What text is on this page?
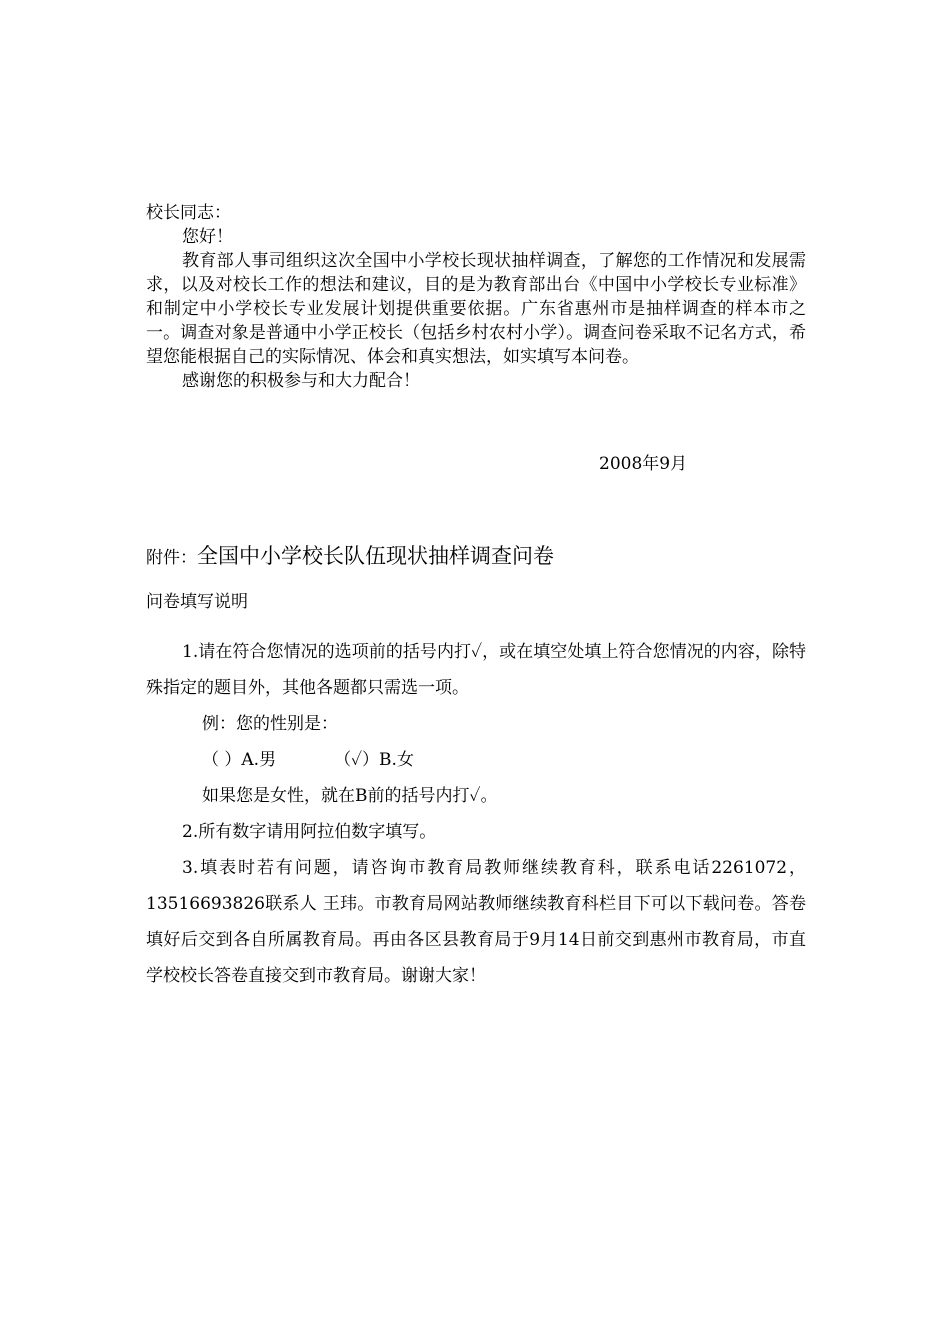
校长同志：

您好！

教育部人事司组织这次全国中小学校长现状抽样调查，了解您的工作情况和发展需求，以及对校长工作的想法和建议，目的是为教育部出台《中国中小学校长专业标准》和制定中小学校长专业发展计划提供重要依据。广东省惠州市是抽样调查的样本市之一。调查对象是普通中小学正校长（包括乡村农村小学）。调查问卷采取不记名方式，希望您能根据自己的实际情况、体会和真实想法，如实填写本问卷。

感谢您的积极参与和大力配合！

2008年9月
附件：全国中小学校长队伍现状抽样调查问卷
问卷填写说明

1.请在符合您情况的选项前的括号内打✓，或在填空处填上符合您情况的内容，除特殊指定的题目外，其他各题都只需选一项。

例：您的性别是：

（ ）A.男	（✓）B.女

如果您是女性，就在B前的括号内打✓。

2.所有数字请用阿拉伯数字填写。

3.填表时若有问题，请咨询市教育局教师继续教育科，联系电话2261072，13516693826联系人 王玮。市教育局网站教师继续教育科栏目下可以下载问卷。答卷填好后交到各自所属教育局。再由各区县教育局于9月14日前交到惠州市教育局，市直学校校长答卷直接交到市教育局。谢谢大家！
